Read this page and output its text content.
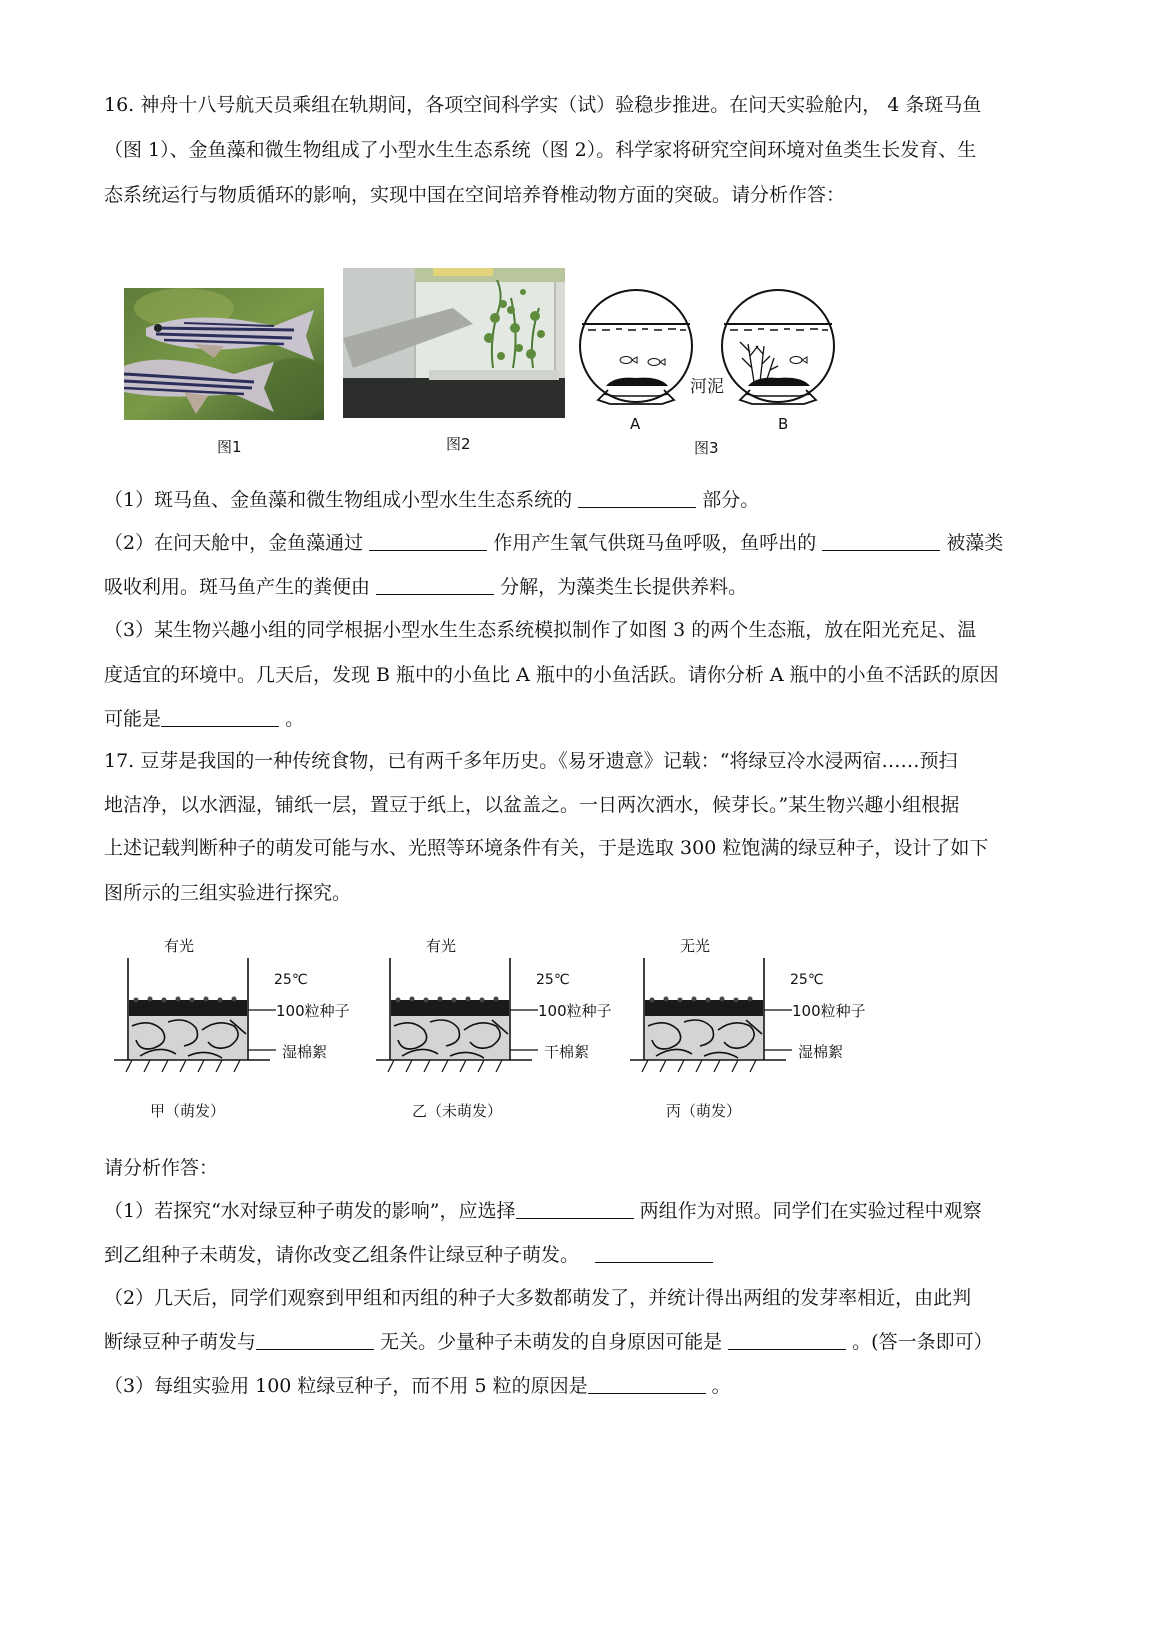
16. 神舟十八号航天员乘组在轨期间，各项空间科学实（试）验稳步推进。在问天实验舱内， 4 条斑马鱼
（图 1）、金鱼藻和微生物组成了小型水生生态系统（图 2）。科学家将研究空间环境对鱼类生长发育、生
态系统运行与物质循环的影响，实现中国在空间培养脊椎动物方面的突破。请分析作答：
河泥
图1	图2
A	B
图3
（1）斑马鱼、金鱼藻和微生物组成小型水生生态系统的	部分。
（2）在问天舱中，金鱼藻通过	作用产生氧气供斑马鱼呼吸，鱼呼出的	被藻类
吸收利用。斑马鱼产生的粪便由	分解，为藻类生长提供养料。
（3）某生物兴趣小组的同学根据小型水生生态系统模拟制作了如图 3 的两个生态瓶，放在阳光充足、温
度适宜的环境中。几天后，发现 B 瓶中的小鱼比 A 瓶中的小鱼活跃。请你分析 A 瓶中的小鱼不活跃的原因
可能是	。
17. 豆芽是我国的一种传统食物，已有两千多年历史。《易牙遗意》记载：“将绿豆冷水浸两宿……预扫
地洁净，以水洒湿，铺纸一层，置豆于纸上，以盆盖之。一日两次洒水，候芽长。”某生物兴趣小组根据
上述记载判断种子的萌发可能与水、光照等环境条件有关，于是选取 300 粒饱满的绿豆种子，设计了如下
图所示的三组实验进行探究。
有光
25℃
100粒种子
湿棉絮
甲（萌发）
有光
25℃
100粒种子
干棉絮
乙（未萌发）
无光
25℃
100粒种子
湿棉絮
丙（萌发）
请分析作答：
（1）若探究“水对绿豆种子萌发的影响”，应选择	两组作为对照。同学们在实验过程中观察
到乙组种子未萌发，请你改变乙组条件让绿豆种子萌发。
（2）几天后，同学们观察到甲组和丙组的种子大多数都萌发了，并统计得出两组的发芽率相近，由此判
断绿豆种子萌发与	无关。少量种子未萌发的自身原因可能是	。(答一条即可）
（3）每组实验用 100 粒绿豆种子，而不用 5 粒的原因是	。
